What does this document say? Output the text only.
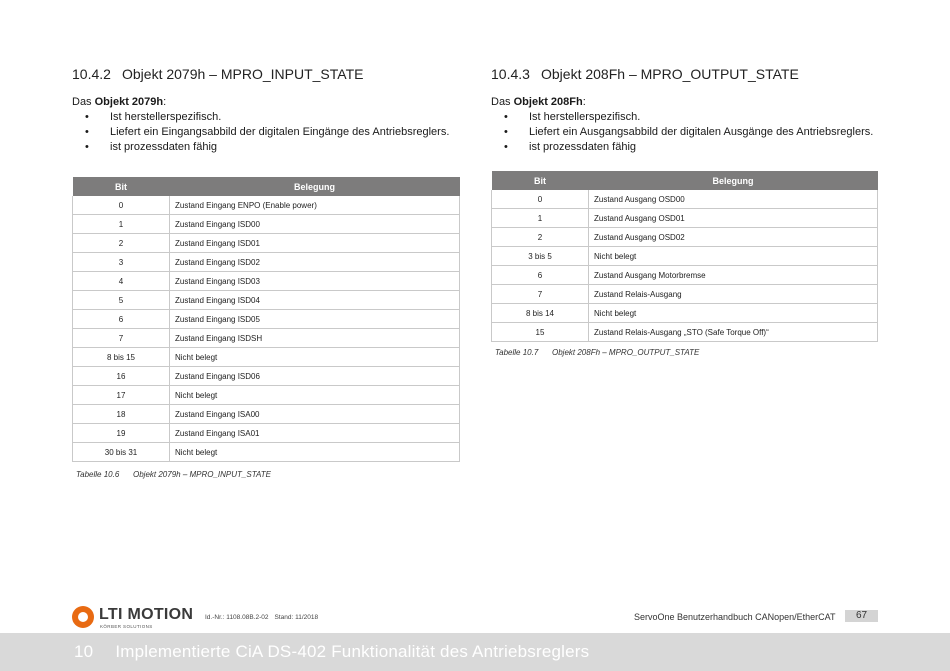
10.4.2 Objekt 2079h – MPRO_INPUT_STATE

Das Objekt 2079h:

• Ist herstellerspezifisch.
• Liefert ein Eingangsabbild der digitalen Eingänge des Antriebsreglers.
• ist prozessdaten fähig
Bit	Belegung
0	Zustand Eingang ENPO (Enable power)
1	Zustand Eingang ISD00
2	Zustand Eingang ISD01
3	Zustand Eingang ISD02
4	Zustand Eingang ISD03
5	Zustand Eingang ISD04
6	Zustand Eingang ISD05
7	Zustand Eingang ISDSH
8 bis 15	Nicht belegt
16	Zustand Eingang ISD06
17	Nicht belegt
18	Zustand Eingang ISA00
19	Zustand Eingang ISA01
30 bis 31	Nicht belegt
Tabelle 10.6 Objekt 2079h – MPRO_INPUT_STATE
10.4.3 Objekt 208Fh – MPRO_OUTPUT_STATE

Das Objekt 208Fh:

• Ist herstellerspezifisch.
• Liefert ein Ausgangsabbild der digitalen Ausgänge des Antriebsreglers.
• ist prozessdaten fähig
Bit	Belegung
0	Zustand Ausgang OSD00
1	Zustand Ausgang OSD01
2	Zustand Ausgang OSD02
3 bis 5	Nicht belegt
6	Zustand Ausgang Motorbremse
7	Zustand Relais-Ausgang
8 bis 14	Nicht belegt
15	Zustand Relais-Ausgang „STO (Safe Torque Off)“
Tabelle 10.7 Objekt 208Fh – MPRO_OUTPUT_STATE
LTI MOTION
KÖRBER SOLUTIONS
Id.-Nr.: 1108.08B.2-02 Stand: 11/2018	ServoOne Benutzerhandbuch CANopen/EtherCAT	67
10 Implementierte CiA DS-402 Funktionalität des Antriebsreglers
